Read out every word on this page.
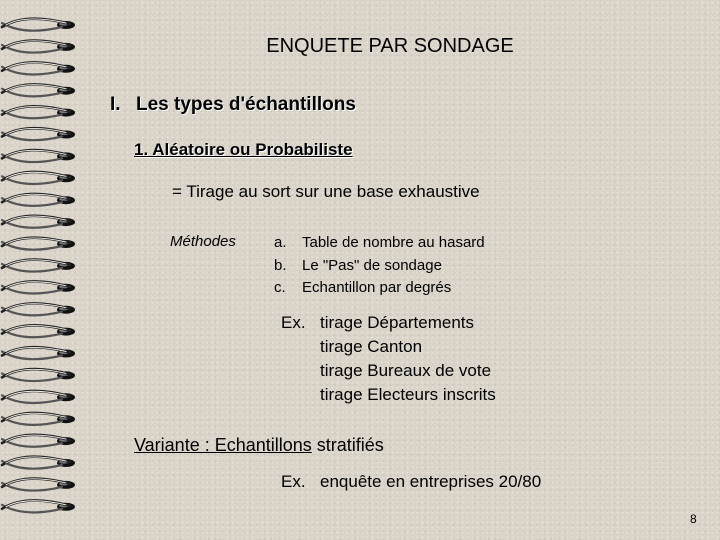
ENQUETE PAR SONDAGE
I. Les types d'échantillons
1. Aléatoire ou Probabiliste
= Tirage au sort sur une base exhaustive
Méthodes	a. Table de nombre au hasard
b. Le "Pas" de sondage
c. Echantillon par degrés
Ex. tirage Départements
tirage Canton
tirage Bureaux de vote
tirage Electeurs inscrits
Variante : Echantillons stratifiés
Ex. enquête en entreprises 20/80
8
